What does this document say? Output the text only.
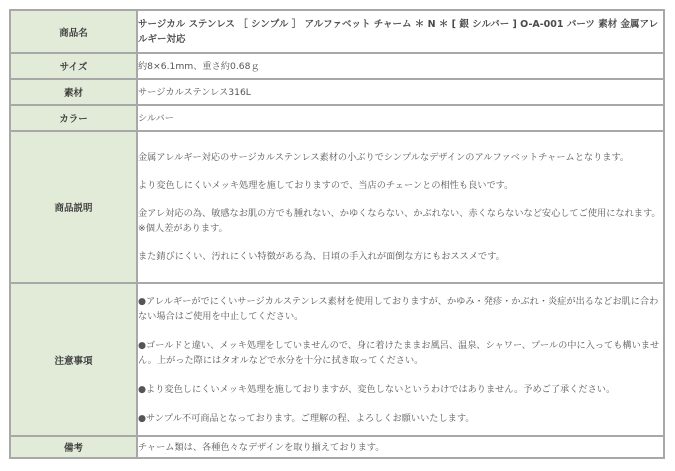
商品名	サージカル ステンレス ［ シンプル ］ アルファベット チャーム ＊ N ＊ [ 銀 シルバー ] O-A-001 パーツ 素材 金属アレルギー対応
サイズ	約8×6.1mm、重さ約0.68ｇ
素材	サージカルステンレス316L
カラー	シルバー
商品説明	金属アレルギー対応のサージカルステンレス素材の小ぶりでシンプルなデザインのアルファベットチャームとなります。

より変色しにくいメッキ処理を施しておりますので、当店のチェーンとの相性も良いです。

金アレ対応の為、敏感なお肌の方でも腫れない、かゆくならない、かぶれない、赤くならないなど安心してご使用になれます。※個人差があります。

また錆びにくい、汚れにくい特徴がある為、日頃の手入れが面倒な方にもおススメです。

注意事項	●アレルギーがでにくいサージカルステンレス素材を使用しておりますが、かゆみ・発疹・かぶれ・炎症が出るなどお肌に合わない場合はご使用を中止してください。

●ゴールドと違い、メッキ処理をしていませんので、身に着けたままお風呂、温泉、シャワー、プールの中に入っても構いません。上がった際にはタオルなどで水分を十分に拭き取ってください。

●より変色しにくいメッキ処理を施しておりますが、変色しないというわけではありません。予めご了承ください。

●サンプル不可商品となっております。ご理解の程、よろしくお願いいたします。

備考	チャーム類は、各種色々なデザインを取り揃えております。
